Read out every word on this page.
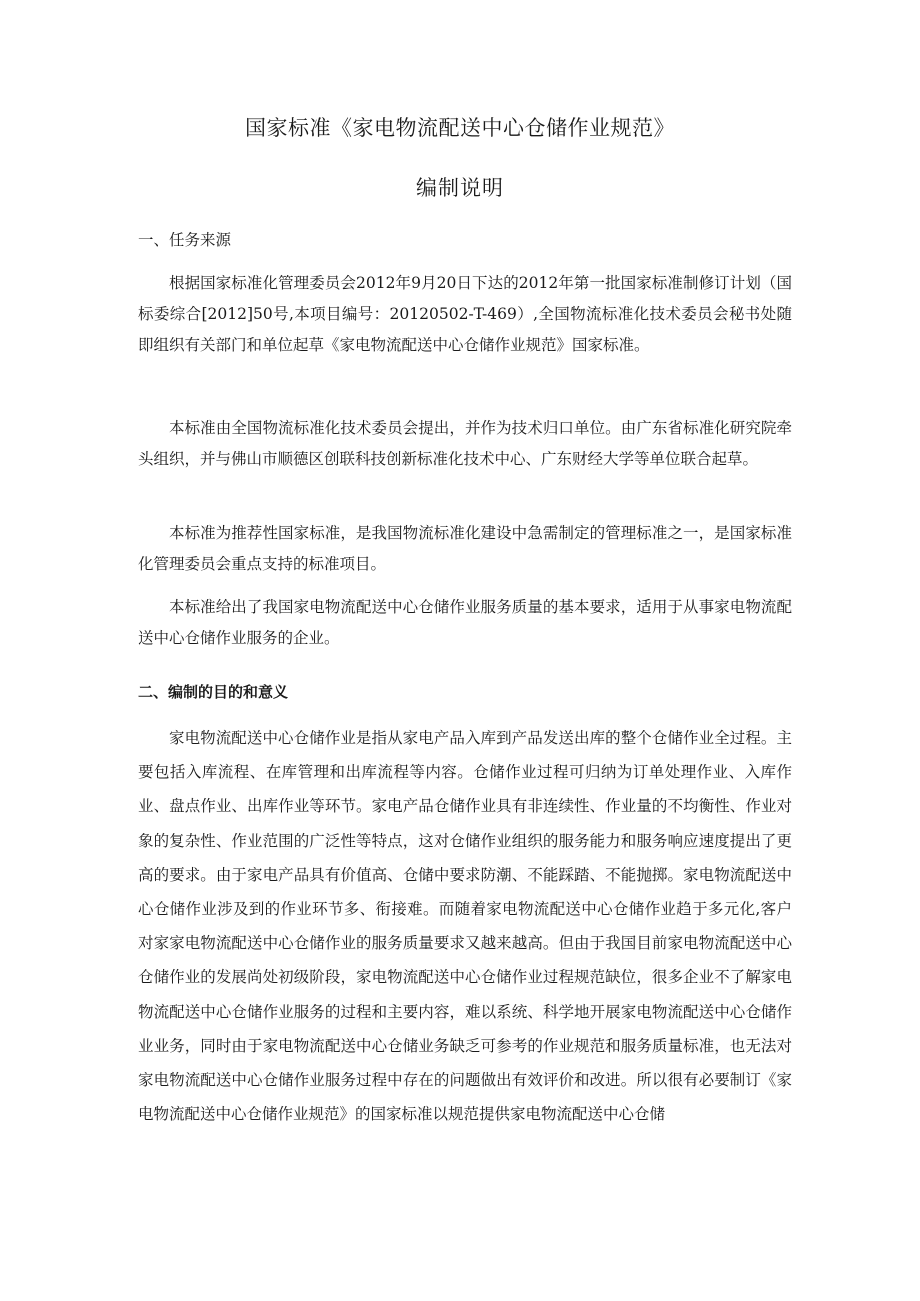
国家标准《家电物流配送中心仓储作业规范》
编制说明
一、任务来源

根据国家标准化管理委员会2012年9月20日下达的2012年第一批国家标准制修订计划（国标委综合[2012]50号,本项目编号：20120502-T-469）,全国物流标准化技术委员会秘书处随即组织有关部门和单位起草《家电物流配送中心仓储作业规范》国家标准。

本标准由全国物流标准化技术委员会提出，并作为技术归口单位。由广东省标准化研究院牵头组织，并与佛山市顺德区创联科技创新标准化技术中心、广东财经大学等单位联合起草。

本标准为推荐性国家标准，是我国物流标准化建设中急需制定的管理标准之一，是国家标准化管理委员会重点支持的标准项目。

本标准给出了我国家电物流配送中心仓储作业服务质量的基本要求，适用于从事家电物流配送中心仓储作业服务的企业。

二、编制的目的和意义

家电物流配送中心仓储作业是指从家电产品入库到产品发送出库的整个仓储作业全过程。主要包括入库流程、在库管理和出库流程等内容。仓储作业过程可归纳为订单处理作业、入库作业、盘点作业、出库作业等环节。家电产品仓储作业具有非连续性、作业量的不均衡性、作业对象的复杂性、作业范围的广泛性等特点，这对仓储作业组织的服务能力和服务响应速度提出了更高的要求。由于家电产品具有价值高、仓储中要求防潮、不能踩踏、不能抛掷。家电物流配送中心仓储作业涉及到的作业环节多、衔接难。而随着家电物流配送中心仓储作业趋于多元化,客户对家家电物流配送中心仓储作业的服务质量要求又越来越高。但由于我国目前家电物流配送中心仓储作业的发展尚处初级阶段，家电物流配送中心仓储作业过程规范缺位，很多企业不了解家电物流配送中心仓储作业服务的过程和主要内容，难以系统、科学地开展家电物流配送中心仓储作业业务，同时由于家电物流配送中心仓储业务缺乏可参考的作业规范和服务质量标准，也无法对家电物流配送中心仓储作业服务过程中存在的问题做出有效评价和改进。所以很有必要制订《家电物流配送中心仓储作业规范》的国家标准以规范提供家电物流配送中心仓储
